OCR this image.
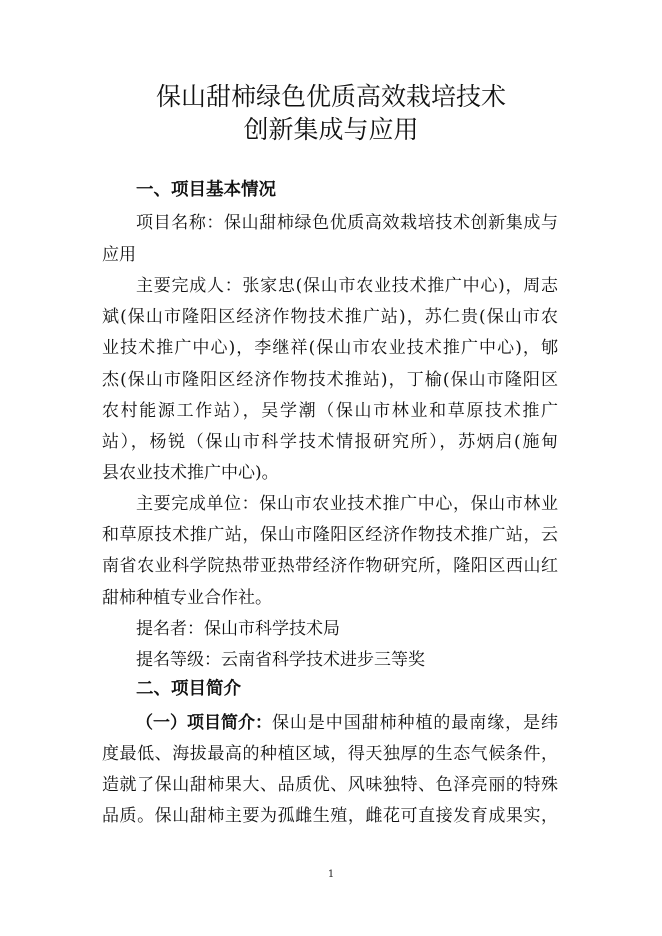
保山甜柿绿色优质高效栽培技术
创新集成与应用
一、项目基本情况
项目名称：保山甜柿绿色优质高效栽培技术创新集成与
应用
主要完成人：张家忠(保山市农业技术推广中心)，周志
斌(保山市隆阳区经济作物技术推广站)，苏仁贵(保山市农
业技术推广中心)，李继祥(保山市农业技术推广中心)，郇
杰(保山市隆阳区经济作物技术推站)，丁榆(保山市隆阳区
农村能源工作站），吴学潮（保山市林业和草原技术推广
站），杨锐（保山市科学技术情报研究所），苏炳启(施甸
县农业技术推广中心)。
主要完成单位：保山市农业技术推广中心，保山市林业
和草原技术推广站，保山市隆阳区经济作物技术推广站，云
南省农业科学院热带亚热带经济作物研究所，隆阳区西山红
甜柿种植专业合作社。
提名者：保山市科学技术局
提名等级：云南省科学技术进步三等奖
二、项目简介
（一）项目简介： 保山是中国甜柿种植的最南缘，是纬
度最低、海拔最高的种植区域，得天独厚的生态气候条件，
造就了保山甜柿果大、品质优、风味独特、色泽亮丽的特殊
品质。保山甜柿主要为孤雌生殖，雌花可直接发育成果实，
1
